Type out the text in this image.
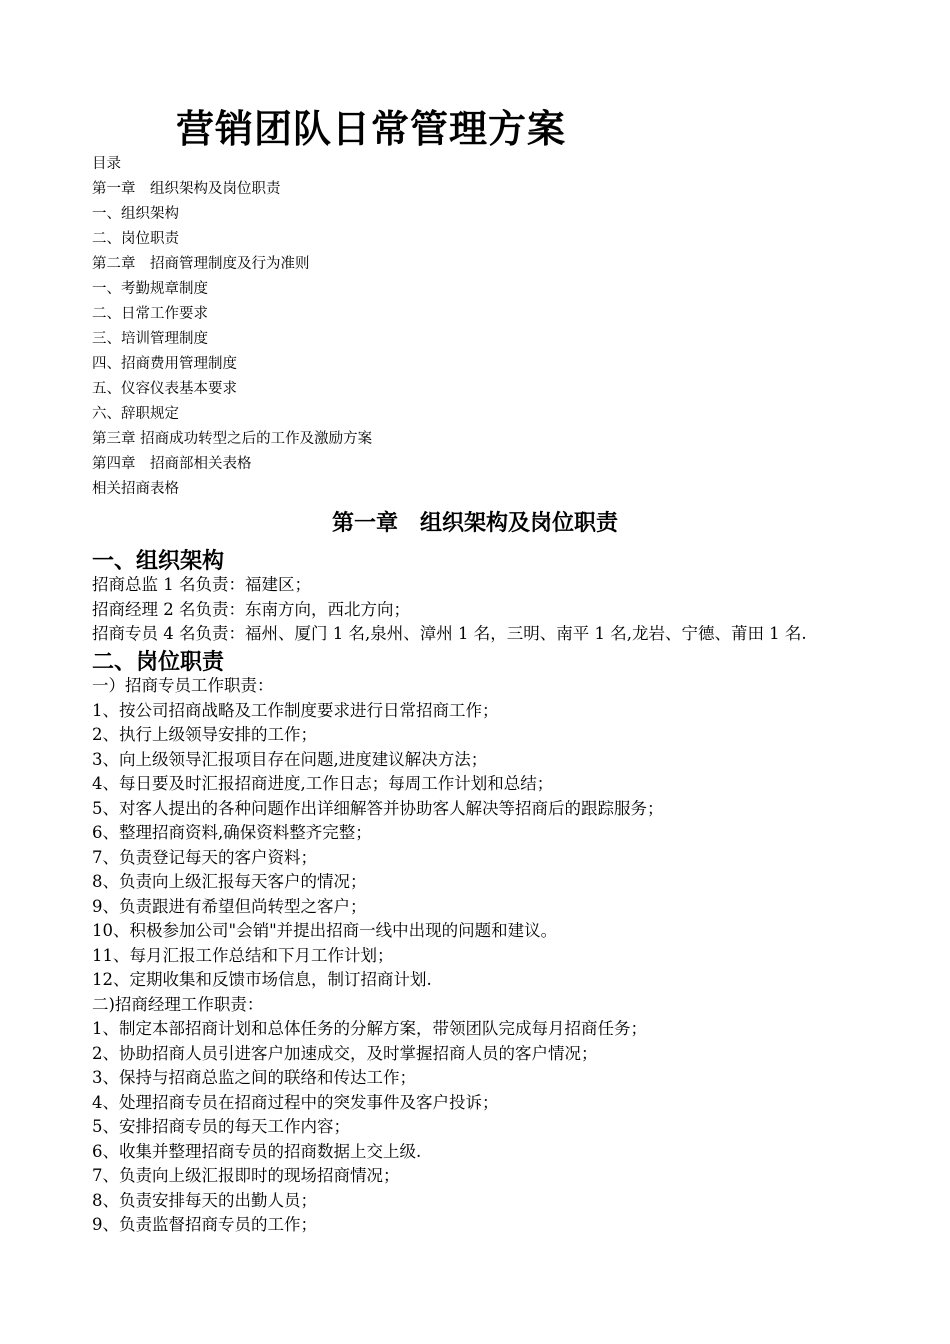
营销团队日常管理方案
目录
第一章　组织架构及岗位职责
一、组织架构
二、岗位职责
第二章　招商管理制度及行为准则
一、考勤规章制度
二、日常工作要求
三、培训管理制度
四、招商费用管理制度
五、仪容仪表基本要求
六、辞职规定
第三章 招商成功转型之后的工作及激励方案
第四章　招商部相关表格
相关招商表格
第一章　组织架构及岗位职责
一、组织架构
招商总监 1 名负责：福建区；
招商经理 2 名负责：东南方向，西北方向；
招商专员 4 名负责：福州、厦门 1 名,泉州、漳州 1 名，三明、南平 1 名,龙岩、宁德、莆田 1 名.
二、岗位职责
一）招商专员工作职责：
1、按公司招商战略及工作制度要求进行日常招商工作；
2、执行上级领导安排的工作；
3、向上级领导汇报项目存在问题,进度建议解决方法；
4、每日要及时汇报招商进度,工作日志；每周工作计划和总结；
5、对客人提出的各种问题作出详细解答并协助客人解决等招商后的跟踪服务；
6、整理招商资料,确保资料整齐完整；
7、负责登记每天的客户资料；
8、负责向上级汇报每天客户的情况；
9、负责跟进有希望但尚转型之客户；
10、积极参加公司"会销"并提出招商一线中出现的问题和建议。
11、每月汇报工作总结和下月工作计划；
12、定期收集和反馈市场信息，制订招商计划.
二)招商经理工作职责：
1、制定本部招商计划和总体任务的分解方案，带领团队完成每月招商任务；
2、协助招商人员引进客户加速成交，及时掌握招商人员的客户情况；
3、保持与招商总监之间的联络和传达工作；
4、处理招商专员在招商过程中的突发事件及客户投诉；
5、安排招商专员的每天工作内容；
6、收集并整理招商专员的招商数据上交上级.
7、负责向上级汇报即时的现场招商情况；
8、负责安排每天的出勤人员；
9、负责监督招商专员的工作；
